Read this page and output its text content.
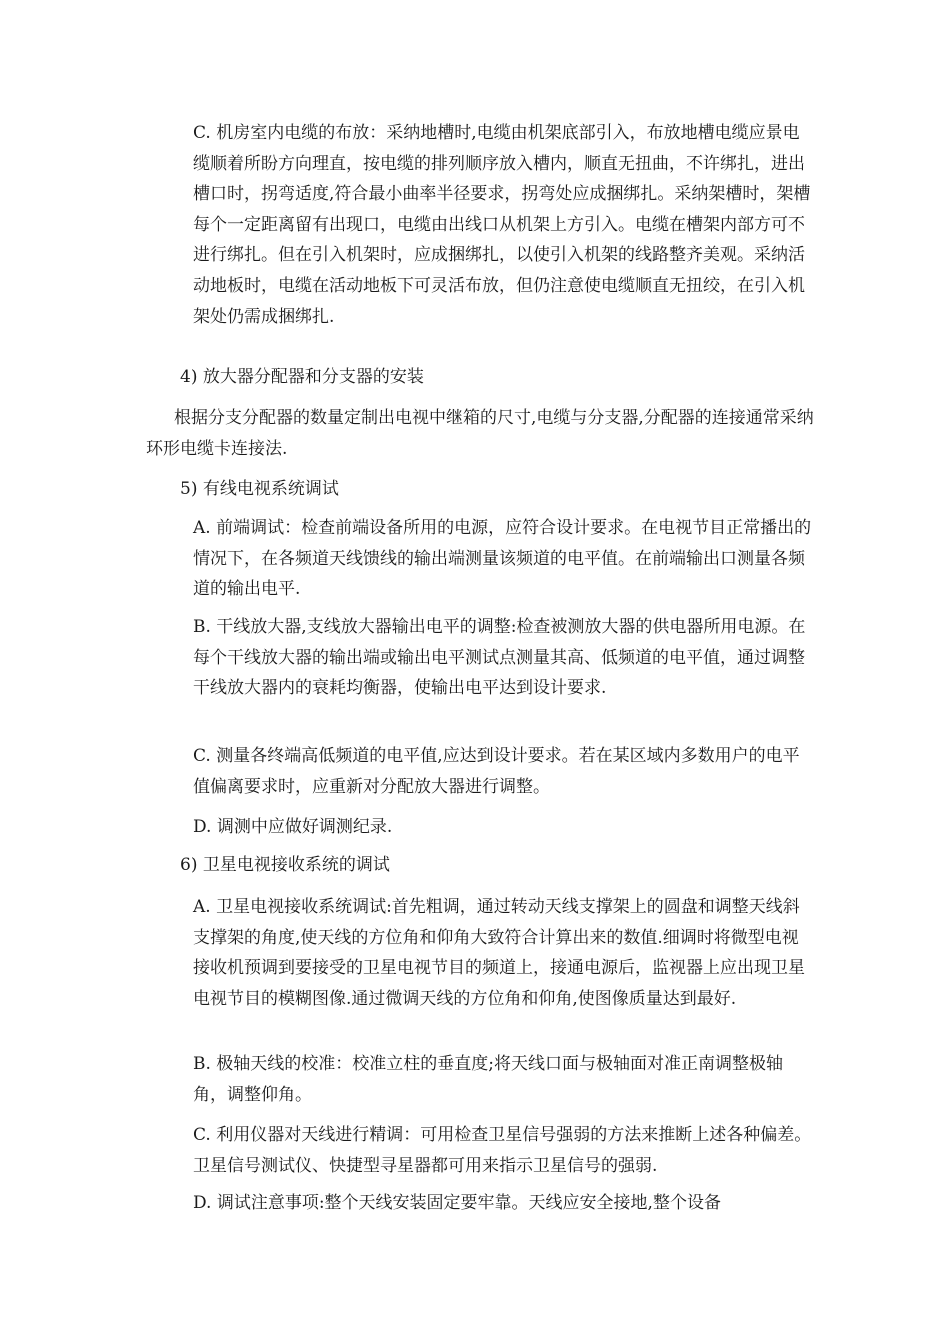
C. 机房室内电缆的布放：采纳地槽时,电缆由机架底部引入，布放地槽电缆应景电缆顺着所盼方向理直，按电缆的排列顺序放入槽内，顺直无扭曲，不许绑扎，进出槽口时，拐弯适度,符合最小曲率半径要求，拐弯处应成捆绑扎。采纳架槽时，架槽每个一定距离留有出现口，电缆由出线口从机架上方引入。电缆在槽架内部方可不进行绑扎。但在引入机架时，应成捆绑扎，以使引入机架的线路整齐美观。采纳活动地板时，电缆在活动地板下可灵活布放，但仍注意使电缆顺直无扭绞，在引入机架处仍需成捆绑扎.

4) 放大器分配器和分支器的安装

根据分支分配器的数量定制出电视中继箱的尺寸,电缆与分支器,分配器的连接通常采纳环形电缆卡连接法.

5) 有线电视系统调试

A. 前端调试：检查前端设备所用的电源，应符合设计要求。在电视节目正常播出的情况下，在各频道天线馈线的输出端测量该频道的电平值。在前端输出口测量各频道的输出电平.

B. 干线放大器,支线放大器输出电平的调整:检查被测放大器的供电器所用电源。在每个干线放大器的输出端或输出电平测试点测量其高、低频道的电平值，通过调整干线放大器内的衰耗均衡器，使输出电平达到设计要求.

C. 测量各终端高低频道的电平值,应达到设计要求。若在某区域内多数用户的电平值偏离要求时，应重新对分配放大器进行调整。

D. 调测中应做好调测纪录.

6) 卫星电视接收系统的调试

A. 卫星电视接收系统调试:首先粗调，通过转动天线支撑架上的圆盘和调整天线斜支撑架的角度,使天线的方位角和仰角大致符合计算出来的数值.细调时将微型电视接收机预调到要接受的卫星电视节目的频道上，接通电源后，监视器上应出现卫星电视节目的模糊图像.通过微调天线的方位角和仰角,使图像质量达到最好.

B. 极轴天线的校准：校准立柱的垂直度;将天线口面与极轴面对准正南调整极轴角，调整仰角。

C. 利用仪器对天线进行精调：可用检查卫星信号强弱的方法来推断上述各种偏差。卫星信号测试仪、快捷型寻星器都可用来指示卫星信号的强弱.

D. 调试注意事项:整个天线安装固定要牢靠。天线应安全接地,整个设备
